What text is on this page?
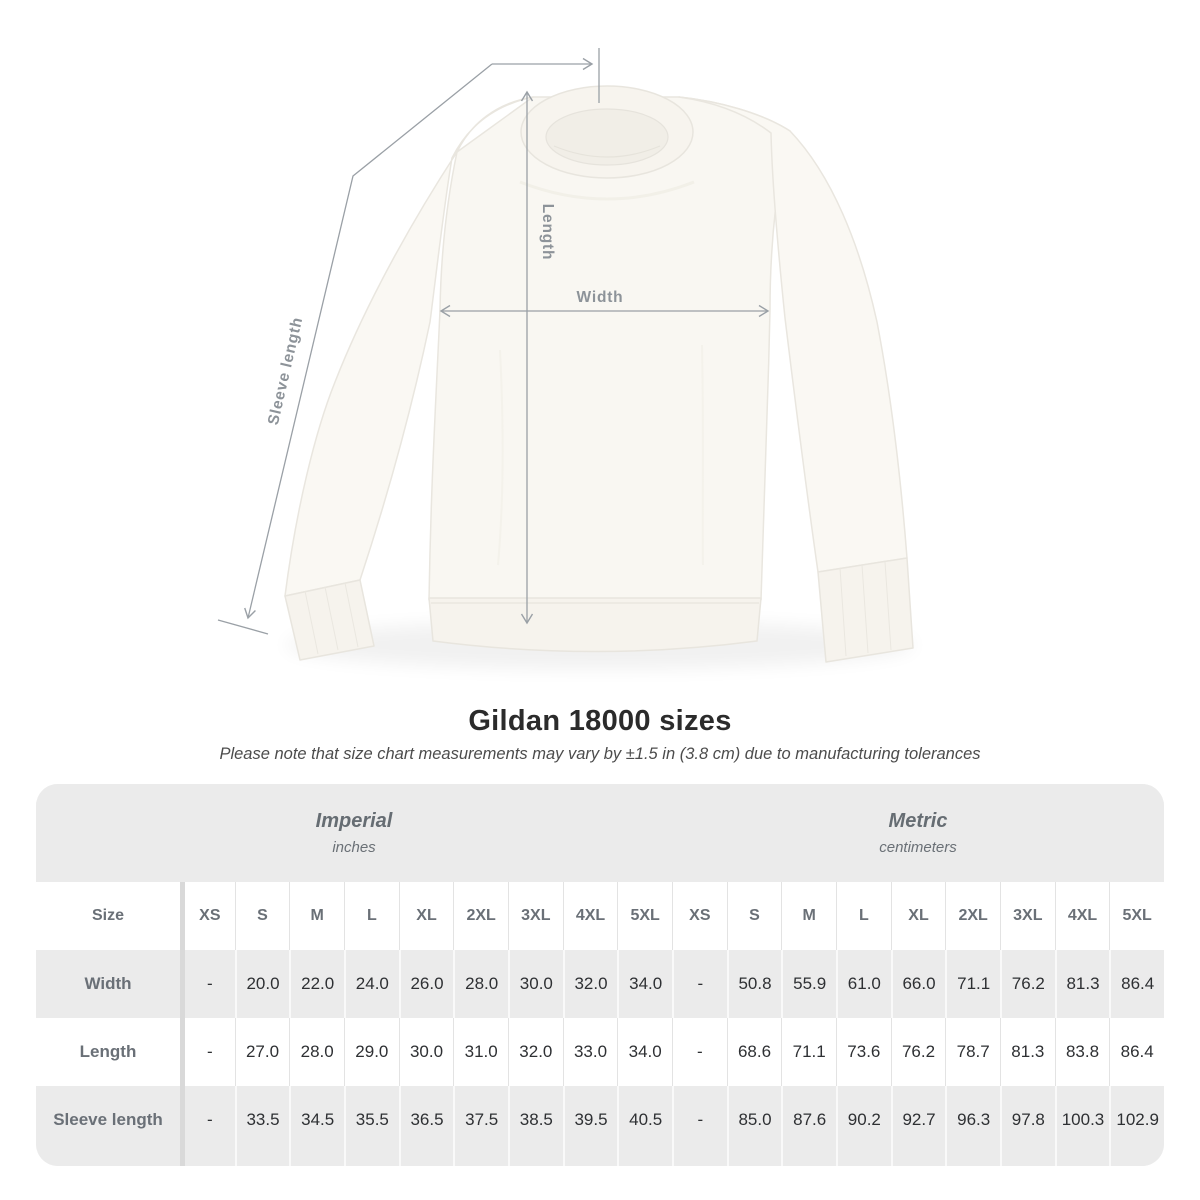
Width
Length
Sleeve length
Gildan 18000 sizes
Please note that size chart measurements may vary by ±1.5 in (3.8 cm) due to manufacturing tolerances
Imperial
inches
Metric
centimeters
Size	XS S	M	L XL 2XL 3XL 4XL 5XL XS S	M	L XL 2XL 3XL 4XL 5XL
Width	- 20.0 22.0 24.0 26.0 28.0 30.0 32.0 34.0 - 50.8 55.9 61.0 66.0 71.1 76.2 81.3 86.4
Length	- 27.0 28.0 29.0 30.0 31.0 32.0 33.0 34.0 - 68.6 71.1 73.6 76.2 78.7 81.3 83.8 86.4
Sleeve length	- 33.5 34.5 35.5 36.5 37.5 38.5 39.5 40.5 - 85.0 87.6 90.2 92.7 96.3 97.8 100.3 102.9
